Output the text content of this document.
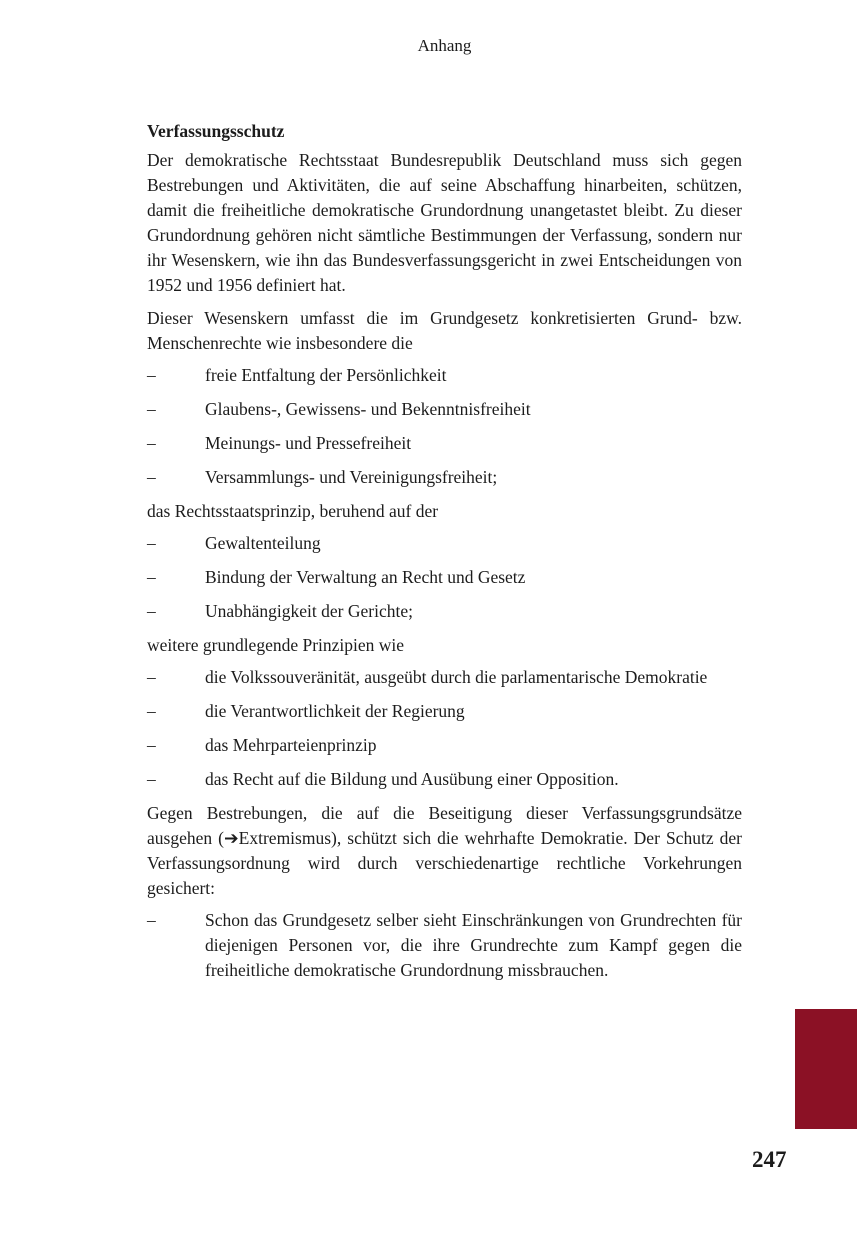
Anhang
Verfassungsschutz

Der demokratische Rechtsstaat Bundesrepublik Deutschland muss sich gegen Bestrebungen und Aktivitäten, die auf seine Abschaffung hinarbeiten, schützen, damit die freiheitliche demokratische Grundordnung unangetastet bleibt. Zu dieser Grundordnung gehören nicht sämtliche Bestimmungen der Verfassung, sondern nur ihr Wesenskern, wie ihn das Bundesverfassungsgericht in zwei Entscheidungen von 1952 und 1956 definiert hat.

Dieser Wesenskern umfasst die im Grundgesetz konkretisierten Grund- bzw. Menschenrechte wie insbesondere die

–	freie Entfaltung der Persönlichkeit
–	Glaubens-, Gewissens- und Bekenntnisfreiheit
–	Meinungs- und Pressefreiheit
–	Versammlungs- und Vereinigungsfreiheit;

das Rechtsstaatsprinzip, beruhend auf der

–	Gewaltenteilung
–	Bindung der Verwaltung an Recht und Gesetz
–	Unabhängigkeit der Gerichte;

weitere grundlegende Prinzipien wie

–	die Volkssouveränität, ausgeübt durch die parlamentarische Demokratie
–	die Verantwortlichkeit der Regierung
–	das Mehrparteienprinzip
–	das Recht auf die Bildung und Ausübung einer Opposition.

Gegen Bestrebungen, die auf die Beseitigung dieser Verfassungsgrundsätze ausgehen (➔Extremismus), schützt sich die wehrhafte Demokratie. Der Schutz der Verfassungsordnung wird durch verschiedenartige rechtliche Vorkehrungen gesichert:

–	Schon das Grundgesetz selber sieht Einschränkungen von Grundrechten für diejenigen Personen vor, die ihre Grundrechte zum Kampf gegen die freiheitliche demokratische Grundordnung missbrauchen.
247
